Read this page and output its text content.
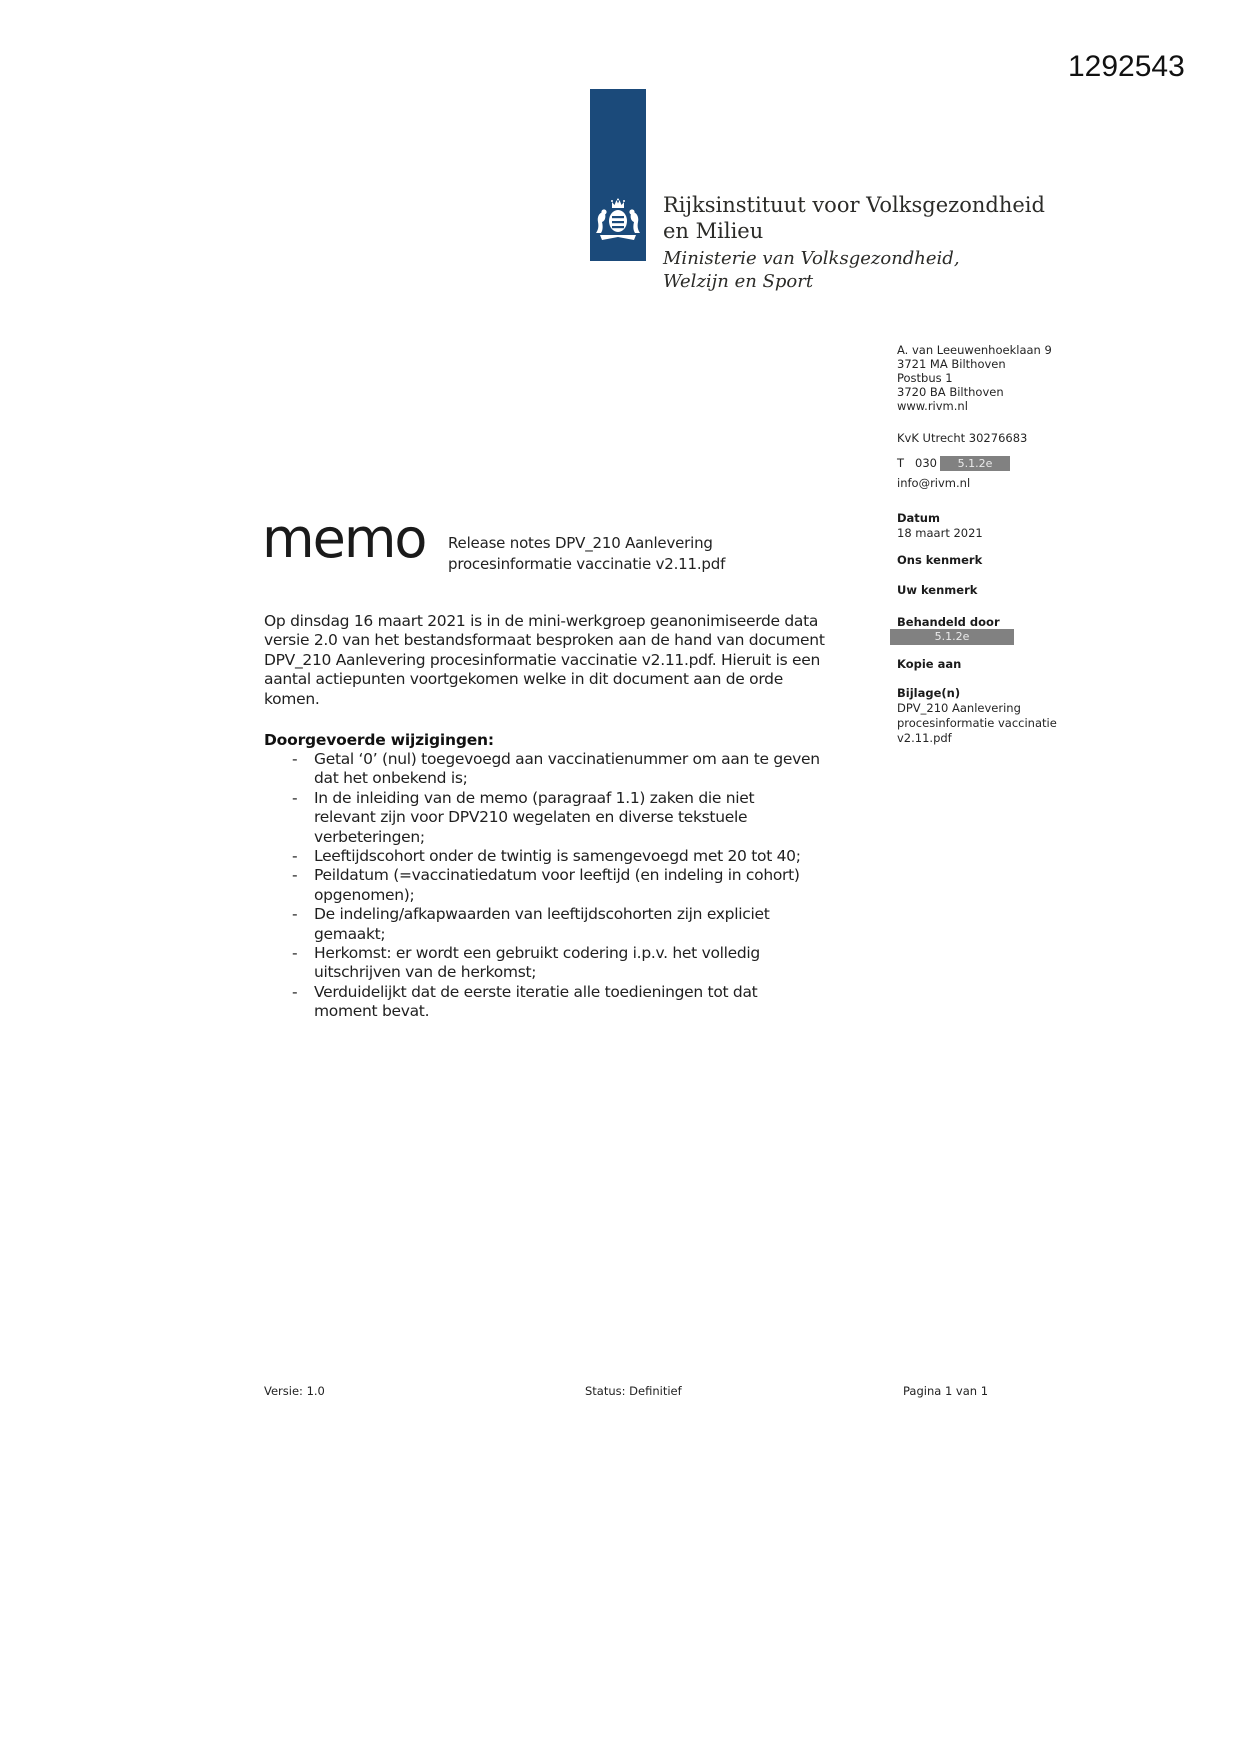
1292543
Rijksinstituut voor Volksgezondheid
en Milieu
Ministerie van Volksgezondheid,
Welzijn en Sport
A. van Leeuwenhoeklaan 9
3721 MA Bilthoven
Postbus 1
3720 BA Bilthoven
www.rivm.nl
KvK Utrecht 30276683
T 030	5.1.2e
info@rivm.nl
Datum
18 maart 2021
Ons kenmerk
Uw kenmerk
Behandeld door
5.1.2e
Kopie aan
Bijlage(n)
DPV_210 Aanlevering
procesinformatie vaccinatie
v2.11.pdf
memo Release notes DPV_210 Aanlevering
procesinformatie vaccinatie v2.11.pdf
Op dinsdag 16 maart 2021 is in de mini-werkgroep geanonimiseerde data
versie 2.0 van het bestandsformaat besproken aan de hand van document
DPV_210 Aanlevering procesinformatie vaccinatie v2.11.pdf. Hieruit is een
aantal actiepunten voortgekomen welke in dit document aan de orde
komen.
Doorgevoerde wijzigingen:
-	Getal ‘0’ (nul) toegevoegd aan vaccinatienummer om aan te geven
dat het onbekend is;
-	In de inleiding van de memo (paragraaf 1.1) zaken die niet
relevant zijn voor DPV210 wegelaten en diverse tekstuele
verbeteringen;
-	Leeftijdscohort onder de twintig is samengevoegd met 20 tot 40;
-	Peildatum (=vaccinatiedatum voor leeftijd (en indeling in cohort)
opgenomen);
-	De indeling/afkapwaarden van leeftijdscohorten zijn expliciet
gemaakt;
-	Herkomst: er wordt een gebruikt codering i.p.v. het volledig
uitschrijven van de herkomst;
-	Verduidelijkt dat de eerste iteratie alle toedieningen tot dat
moment bevat.
Versie: 1.0	Status: Definitief	Pagina 1 van 1
